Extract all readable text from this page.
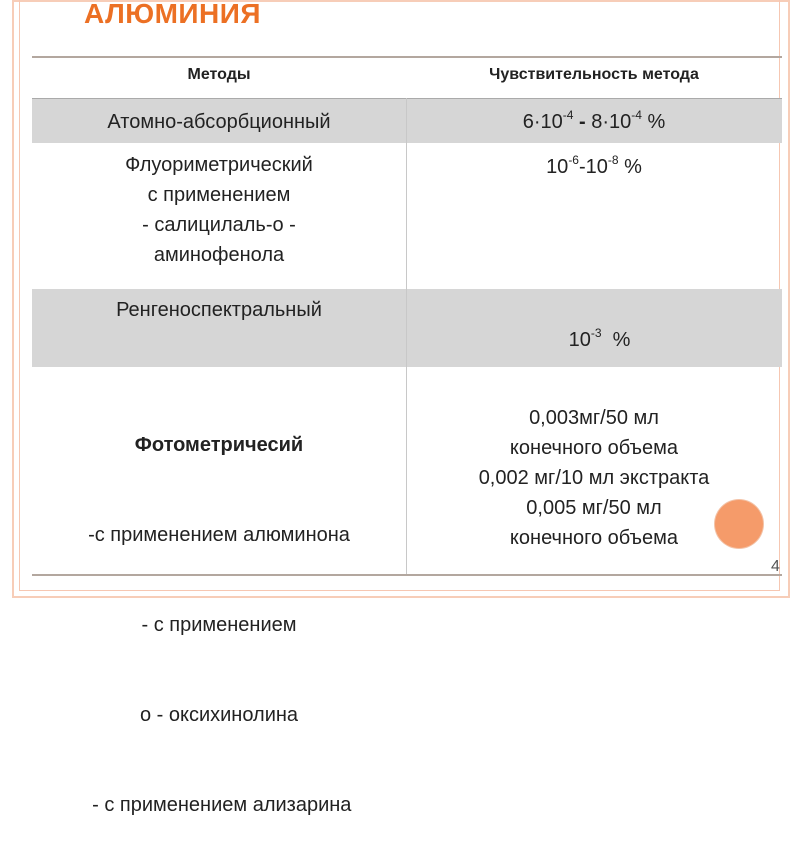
АЛЮМИНИЯ
Методы	Чувствительность метода
Атомно-абсорбционный	$6\cdot 10^{-4} - 8\cdot 10^{-4}$ %
Флуориметрический
с применением
- салицилаль-о -
аминофенола
$10^{-6}-10^{-8}$ %
Ренгеноспектральный

$10^{-3}$  %

Фотометричесий

-с применением алюминона

- с применением

о - оксихинолина

- с применением ализарина

0,003мг/50 мл
конечного объема
0,002 мг/10 мл экстракта
0,005 мг/50 мл
конечного объема
4
